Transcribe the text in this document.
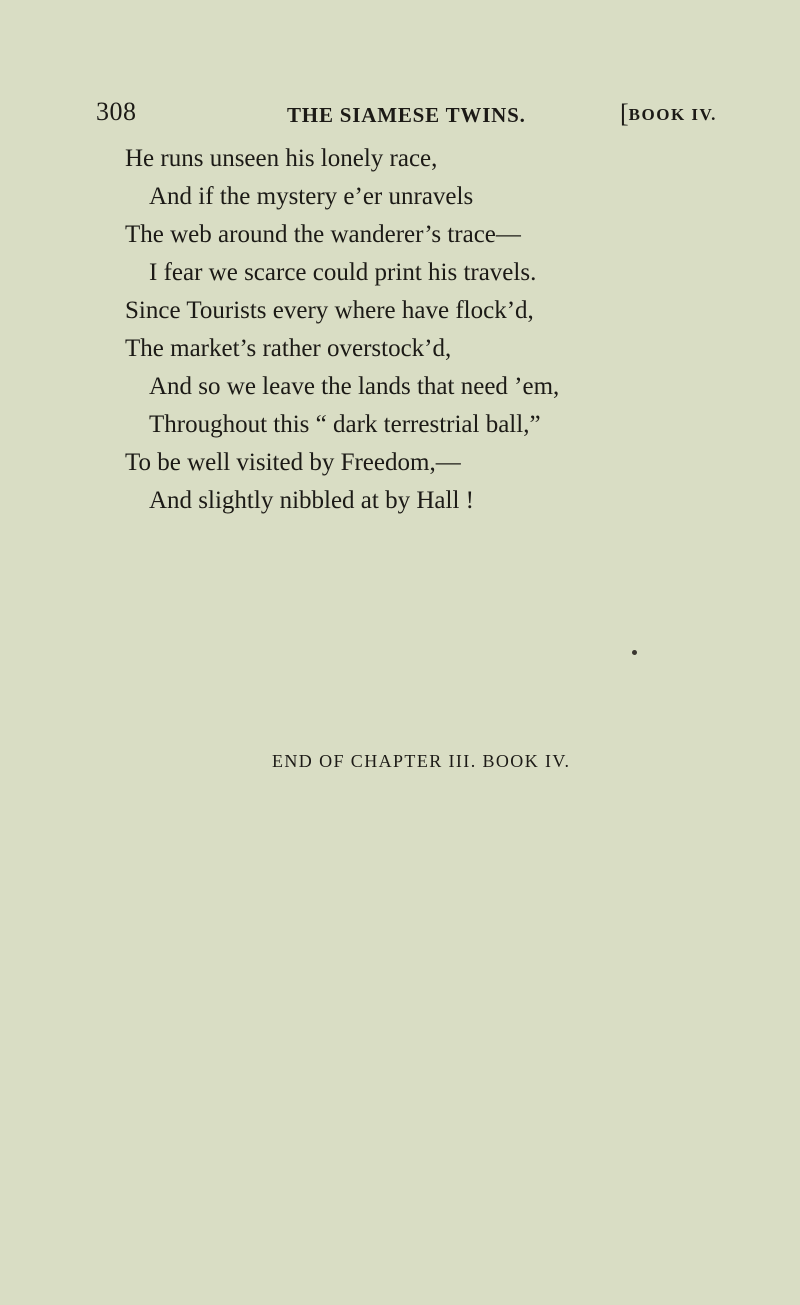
308	THE SIAMESE TWINS.	[BOOK IV.
He runs unseen his lonely race,
And if the mystery e’er unravels
The web around the wanderer’s trace—
I fear we scarce could print his travels.
Since Tourists every where have flock’d,
The market’s rather overstock’d,
And so we leave the lands that need ’em,
Throughout this “ dark terrestrial ball,”
To be well visited by Freedom,—
And slightly nibbled at by Hall !
END OF CHAPTER III. BOOK IV.
